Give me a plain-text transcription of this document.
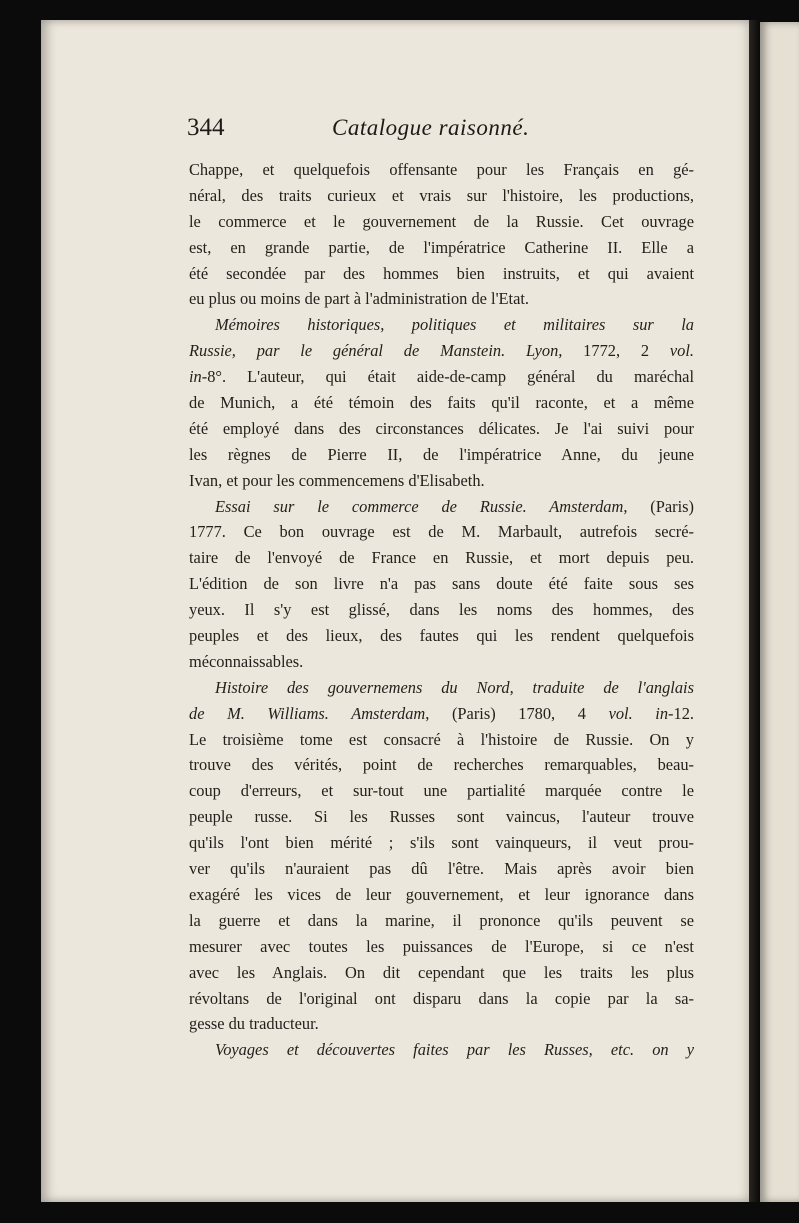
344	Catalogue raisonné.
Chappe, et quelquefois offensante pour les Français en gé-
néral, des traits curieux et vrais sur l'histoire, les productions,
le commerce et le gouvernement de la Russie. Cet ouvrage
est, en grande partie, de l'impératrice Catherine II. Elle a
été secondée par des hommes bien instruits, et qui avaient
eu plus ou moins de part à l'administration de l'Etat.
Mémoires historiques, politiques et militaires sur la
Russie, par le général de Manstein. Lyon, 1772, 2 vol.
in-8°. L'auteur, qui était aide-de-camp général du maréchal
de Munich, a été témoin des faits qu'il raconte, et a même
été employé dans des circonstances délicates. Je l'ai suivi pour
les règnes de Pierre II, de l'impératrice Anne, du jeune
Ivan, et pour les commencemens d'Elisabeth.
Essai sur le commerce de Russie. Amsterdam, (Paris)
1777. Ce bon ouvrage est de M. Marbault, autrefois secré-
taire de l'envoyé de France en Russie, et mort depuis peu.
L'édition de son livre n'a pas sans doute été faite sous ses
yeux. Il s'y est glissé, dans les noms des hommes, des
peuples et des lieux, des fautes qui les rendent quelquefois
méconnaissables.
Histoire des gouvernemens du Nord, traduite de l'anglais
de M. Williams. Amsterdam, (Paris) 1780, 4 vol. in-12.
Le troisième tome est consacré à l'histoire de Russie. On y
trouve des vérités, point de recherches remarquables, beau-
coup d'erreurs, et sur-tout une partialité marquée contre le
peuple russe. Si les Russes sont vaincus, l'auteur trouve
qu'ils l'ont bien mérité ; s'ils sont vainqueurs, il veut prou-
ver qu'ils n'auraient pas dû l'être. Mais après avoir bien
exagéré les vices de leur gouvernement, et leur ignorance dans
la guerre et dans la marine, il prononce qu'ils peuvent se
mesurer avec toutes les puissances de l'Europe, si ce n'est
avec les Anglais. On dit cependant que les traits les plus
révoltans de l'original ont disparu dans la copie par la sa-
gesse du traducteur.
Voyages et découvertes faites par les Russes, etc. on y
